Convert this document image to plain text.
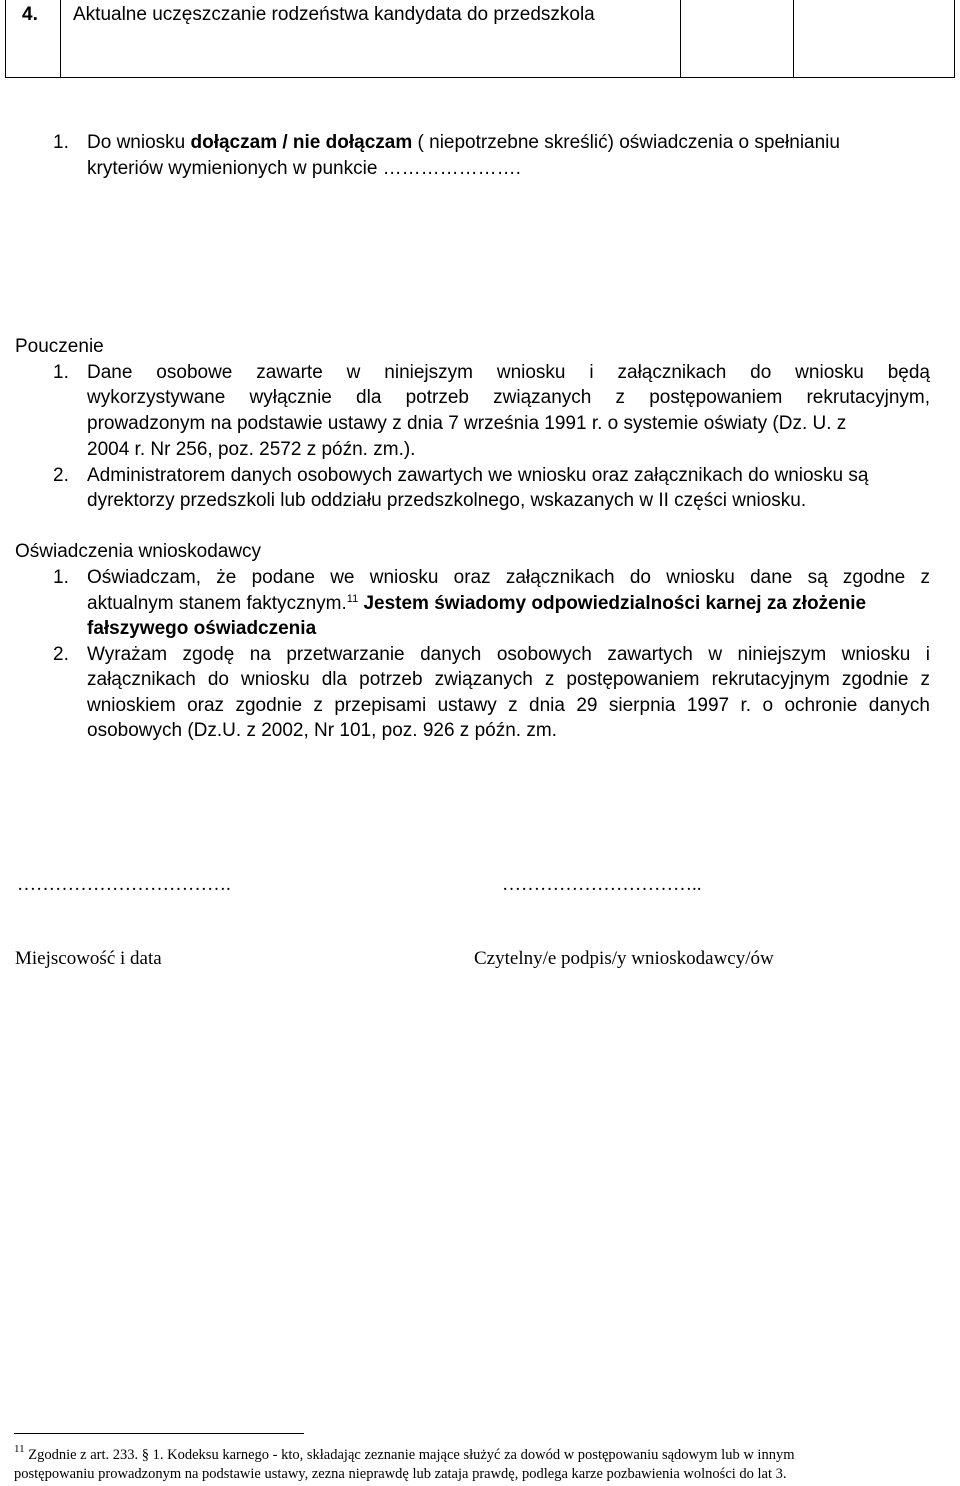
4. Aktualne uczęszczanie rodzeństwa kandydata do przedszkola
1. Do wniosku dołączam / nie dołączam ( niepotrzebne skreślić) oświadczenia o spełnianiu
kryteriów wymienionych w punkcie ………………….
Pouczenie
1. Dane osobowe zawarte w niniejszym wniosku i załącznikach do wniosku będą
wykorzystywane wyłącznie dla potrzeb związanych z postępowaniem rekrutacyjnym,
prowadzonym na podstawie ustawy z dnia 7 września 1991 r. o systemie oświaty (Dz. U. z
2004 r. Nr 256, poz. 2572 z późn. zm.).
2. Administratorem danych osobowych zawartych we wniosku oraz załącznikach do wniosku są
dyrektorzy przedszkoli lub oddziału przedszkolnego, wskazanych w II części wniosku.
Oświadczenia wnioskodawcy
1. Oświadczam, że podane we wniosku oraz załącznikach do wniosku dane są zgodne z
aktualnym stanem faktycznym.$^{11}$ Jestem świadomy odpowiedzialności karnej za złożenie
fałszywego oświadczenia
2. Wyrażam zgodę na przetwarzanie danych osobowych zawartych w niniejszym wniosku i
załącznikach do wniosku dla potrzeb związanych z postępowaniem rekrutacyjnym zgodnie z
wnioskiem oraz zgodnie z przepisami ustawy z dnia 29 sierpnia 1997 r. o ochronie danych
osobowych (Dz.U. z 2002, Nr 101, poz. 926 z późn. zm.
…………………………….	…………………………..
Miejscowość i data	Czytelny/e podpis/y wnioskodawcy/ów
$^{11}$ Zgodnie z art. 233. § 1. Kodeksu karnego - kto, składając zeznanie mające służyć za dowód w postępowaniu sądowym lub w innym
postępowaniu prowadzonym na podstawie ustawy, zezna nieprawdę lub zataja prawdę, podlega karze pozbawienia wolności do lat 3.
